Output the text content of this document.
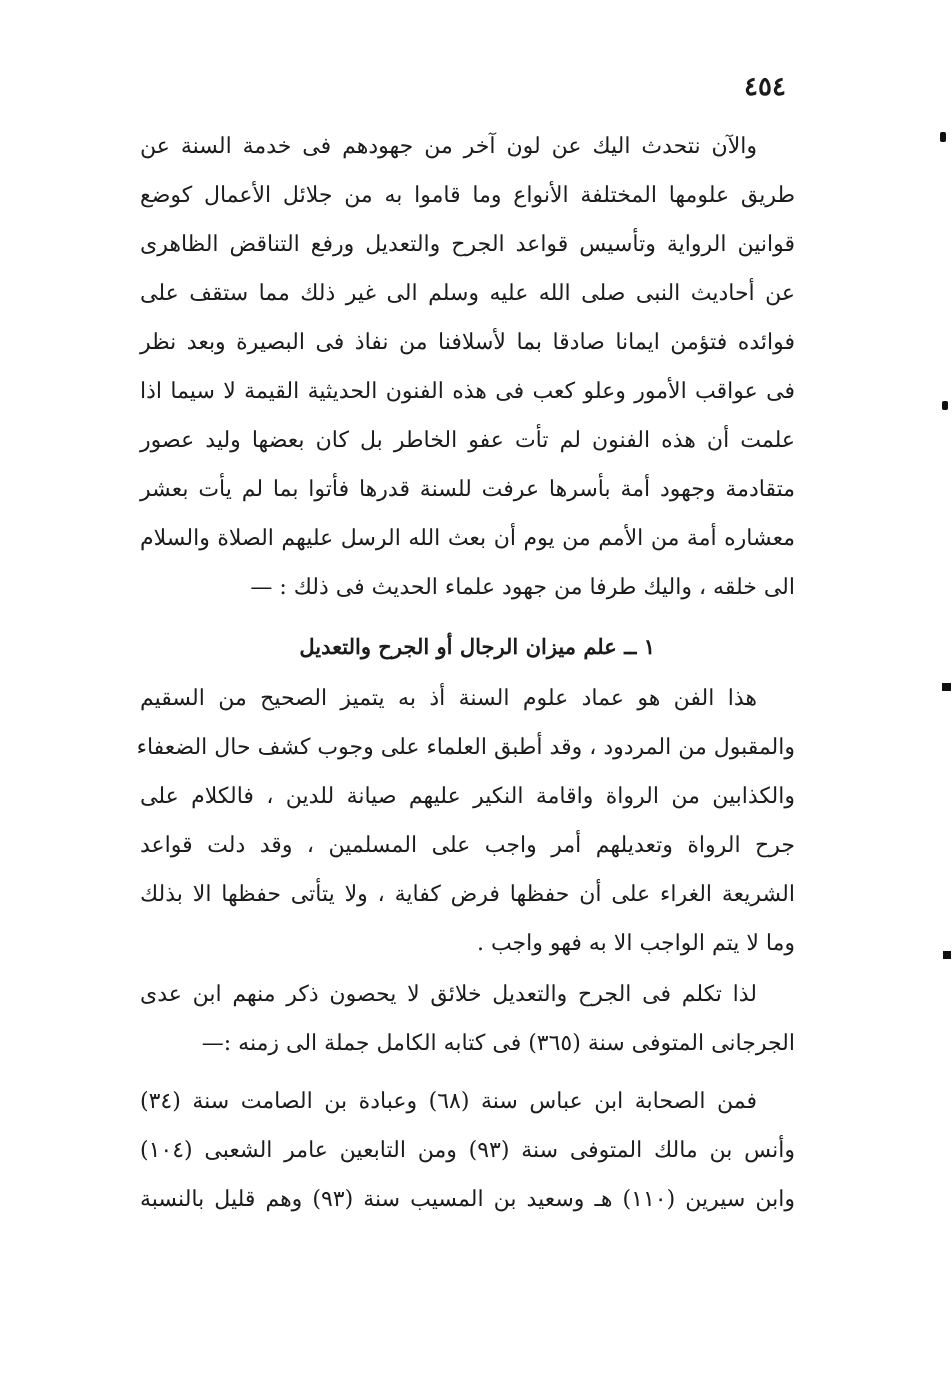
٤٥٤
والآن نتحدث اليك عن لون آخر من جهودهم فى خدمة السنة عن
طريق علومها المختلفة الأنواع وما قاموا به من جلائل الأعمال كوضع
قوانين الرواية وتأسيس قواعد الجرح والتعديل ورفع التناقض الظاهرى
عن أحاديث النبى صلى الله عليه وسلم الى غير ذلك مما ستقف على
فوائده فتؤمن ايمانا صادقا بما لأسلافنا من نفاذ فى البصيرة وبعد نظر
فى عواقب الأمور وعلو كعب فى هذه الفنون الحديثية القيمة لا سيما اذا
علمت أن هذه الفنون لم تأت عفو الخاطر بل كان بعضها وليد عصور
متقادمة وجهود أمة بأسرها عرفت للسنة قدرها فأتوا بما لم يأت بعشر
معشاره أمة من الأمم من يوم أن بعث الله الرسل عليهم الصلاة والسلام
الى خلقه ، واليك طرفا من جهود علماء الحديث فى ذلك : —
١ ــ علم ميزان الرجال أو الجرح والتعديل
هذا الفن هو عماد علوم السنة أذ به يتميز الصحيح من السقيم
والمقبول من المردود ، وقد أطبق العلماء على وجوب كشف حال الضعفاء
والكذابين من الرواة واقامة النكير عليهم صيانة للدين ، فالكلام على
جرح الرواة وتعديلهم أمر واجب على المسلمين ، وقد دلت قواعد
الشريعة الغراء على أن حفظها فرض كفاية ، ولا يتأتى حفظها الا بذلك
وما لا يتم الواجب الا به فهو واجب .
لذا تكلم فى الجرح والتعديل خلائق لا يحصون ذكر منهم ابن عدى
الجرجانى المتوفى سنة (٣٦٥) فى كتابه الكامل جملة الى زمنه :—
فمن الصحابة ابن عباس سنة (٦٨) وعبادة بن الصامت سنة (٣٤)
وأنس بن مالك المتوفى سنة (٩٣) ومن التابعين عامر الشعبى (١٠٤)
وابن سيرين (١١٠) هـ وسعيد بن المسيب سنة (٩٣) وهم قليل بالنسبة
